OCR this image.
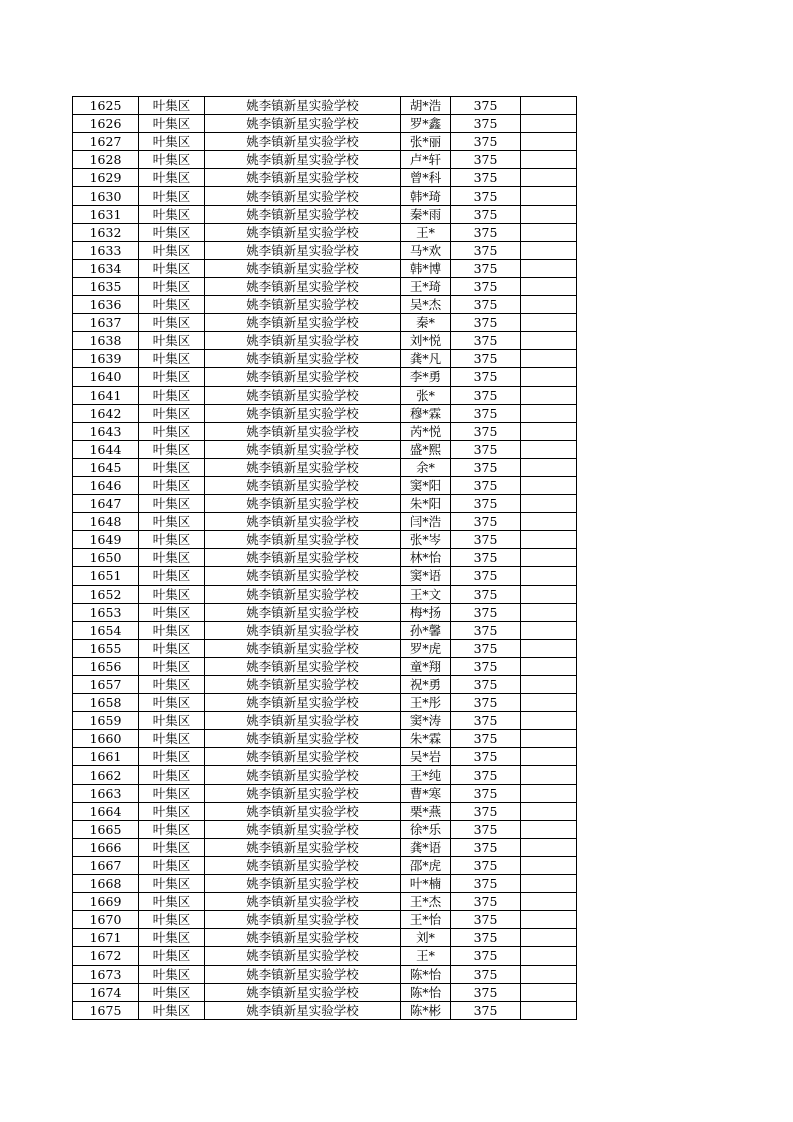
1625	叶集区	姚李镇新星实验学校	胡*浩	375	
1626	叶集区	姚李镇新星实验学校	罗*鑫	375	
1627	叶集区	姚李镇新星实验学校	张*丽	375	
1628	叶集区	姚李镇新星实验学校	卢*轩	375	
1629	叶集区	姚李镇新星实验学校	曾*科	375	
1630	叶集区	姚李镇新星实验学校	韩*琦	375	
1631	叶集区	姚李镇新星实验学校	秦*雨	375	
1632	叶集区	姚李镇新星实验学校	王*	375	
1633	叶集区	姚李镇新星实验学校	马*欢	375	
1634	叶集区	姚李镇新星实验学校	韩*博	375	
1635	叶集区	姚李镇新星实验学校	王*琦	375	
1636	叶集区	姚李镇新星实验学校	吴*杰	375	
1637	叶集区	姚李镇新星实验学校	秦*	375	
1638	叶集区	姚李镇新星实验学校	刘*悦	375	
1639	叶集区	姚李镇新星实验学校	龚*凡	375	
1640	叶集区	姚李镇新星实验学校	李*勇	375	
1641	叶集区	姚李镇新星实验学校	张*	375	
1642	叶集区	姚李镇新星实验学校	穆*霖	375	
1643	叶集区	姚李镇新星实验学校	芮*悦	375	
1644	叶集区	姚李镇新星实验学校	盛*熙	375	
1645	叶集区	姚李镇新星实验学校	余*	375	
1646	叶集区	姚李镇新星实验学校	窦*阳	375	
1647	叶集区	姚李镇新星实验学校	朱*阳	375	
1648	叶集区	姚李镇新星实验学校	闫*浩	375	
1649	叶集区	姚李镇新星实验学校	张*岑	375	
1650	叶集区	姚李镇新星实验学校	林*怡	375	
1651	叶集区	姚李镇新星实验学校	窦*语	375	
1652	叶集区	姚李镇新星实验学校	王*文	375	
1653	叶集区	姚李镇新星实验学校	梅*扬	375	
1654	叶集区	姚李镇新星实验学校	孙*馨	375	
1655	叶集区	姚李镇新星实验学校	罗*虎	375	
1656	叶集区	姚李镇新星实验学校	童*翔	375	
1657	叶集区	姚李镇新星实验学校	祝*勇	375	
1658	叶集区	姚李镇新星实验学校	王*彤	375	
1659	叶集区	姚李镇新星实验学校	窦*涛	375	
1660	叶集区	姚李镇新星实验学校	朱*霖	375	
1661	叶集区	姚李镇新星实验学校	吴*岩	375	
1662	叶集区	姚李镇新星实验学校	王*纯	375	
1663	叶集区	姚李镇新星实验学校	曹*寒	375	
1664	叶集区	姚李镇新星实验学校	栗*燕	375	
1665	叶集区	姚李镇新星实验学校	徐*乐	375	
1666	叶集区	姚李镇新星实验学校	龚*语	375	
1667	叶集区	姚李镇新星实验学校	邵*虎	375	
1668	叶集区	姚李镇新星实验学校	叶*楠	375	
1669	叶集区	姚李镇新星实验学校	王*杰	375	
1670	叶集区	姚李镇新星实验学校	王*怡	375	
1671	叶集区	姚李镇新星实验学校	刘*	375	
1672	叶集区	姚李镇新星实验学校	王*	375	
1673	叶集区	姚李镇新星实验学校	陈*怡	375	
1674	叶集区	姚李镇新星实验学校	陈*怡	375	
1675	叶集区	姚李镇新星实验学校	陈*彬	375	
